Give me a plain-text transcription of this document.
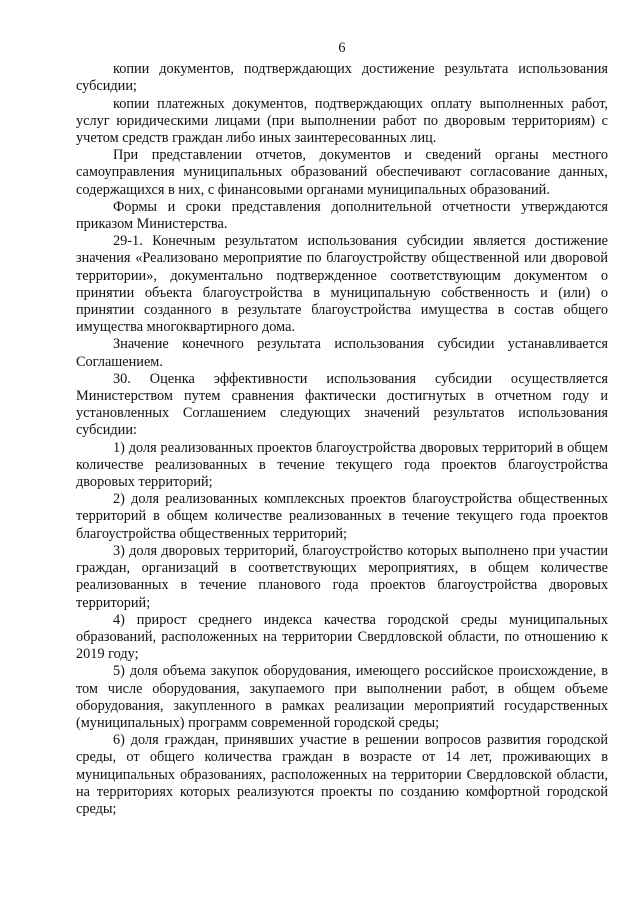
6

копии документов, подтверждающих достижение результата использования субсидии;

копии платежных документов, подтверждающих оплату выполненных работ, услуг юридическими лицами (при выполнении работ по дворовым территориям) с учетом средств граждан либо иных заинтересованных лиц.

При представлении отчетов, документов и сведений органы местного самоуправления муниципальных образований обеспечивают согласование данных, содержащихся в них, с финансовыми органами муниципальных образований.

Формы и сроки представления дополнительной отчетности утверждаются приказом Министерства.

29-1. Конечным результатом использования субсидии является достижение значения «Реализовано мероприятие по благоустройству общественной или дворовой территории», документально подтвержденное соответствующим документом о принятии объекта благоустройства в муниципальную собственность и (или) о принятии созданного в результате благоустройства имущества в состав общего имущества многоквартирного дома.

Значение конечного результата использования субсидии устанавливается Соглашением.

30. Оценка эффективности использования субсидии осуществляется Министерством путем сравнения фактически достигнутых в отчетном году и установленных Соглашением следующих значений результатов использования субсидии:

1) доля реализованных проектов благоустройства дворовых территорий в общем количестве реализованных в течение текущего года проектов благоустройства дворовых территорий;

2) доля реализованных комплексных проектов благоустройства общественных территорий в общем количестве реализованных в течение текущего года проектов благоустройства общественных территорий;

3) доля дворовых территорий, благоустройство которых выполнено при участии граждан, организаций в соответствующих мероприятиях, в общем количестве реализованных в течение планового года проектов благоустройства дворовых территорий;

4) прирост среднего индекса качества городской среды муниципальных образований, расположенных на территории Свердловской области, по отношению к 2019 году;

5) доля объема закупок оборудования, имеющего российское происхождение, в том числе оборудования, закупаемого при выполнении работ, в общем объеме оборудования, закупленного в рамках реализации мероприятий государственных (муниципальных) программ современной городской среды;

6) доля граждан, принявших участие в решении вопросов развития городской среды, от общего количества граждан в возрасте от 14 лет, проживающих в муниципальных образованиях, расположенных на территории Свердловской области, на территориях которых реализуются проекты по созданию комфортной городской среды;
